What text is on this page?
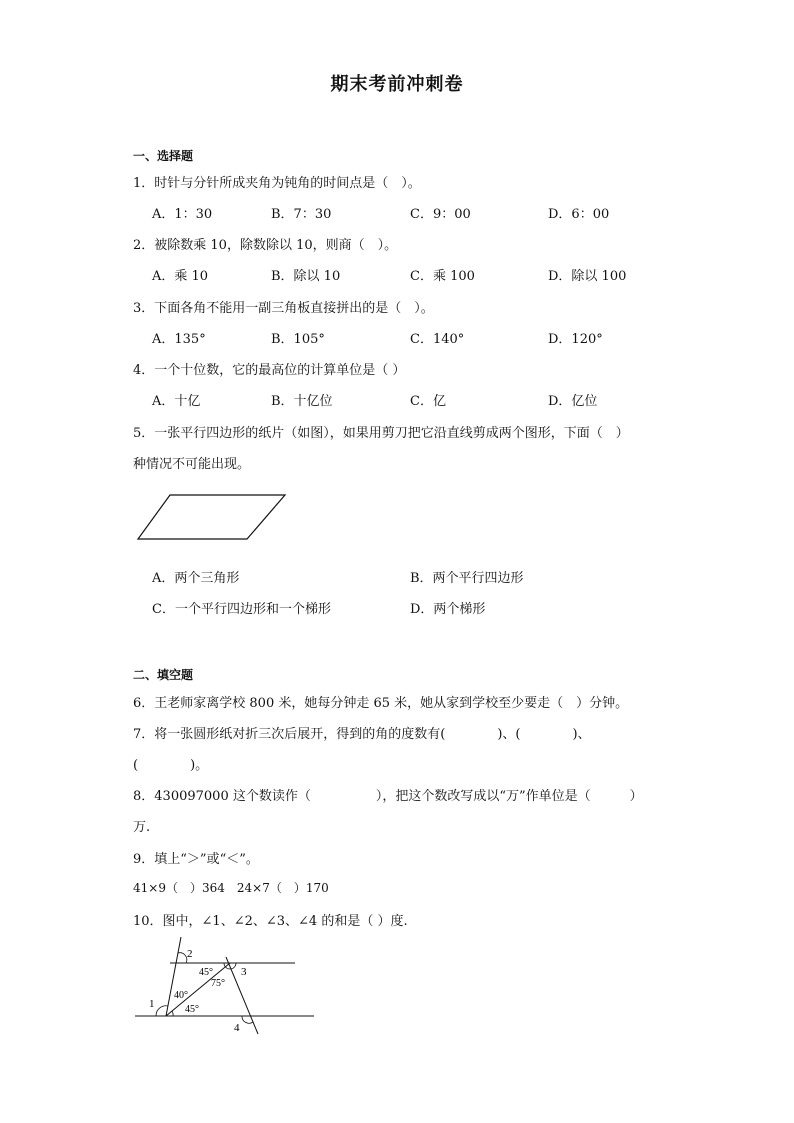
期末考前冲刺卷
一、选择题
1．时针与分针所成夹角为钝角的时间点是（　）。
A．1：30	B．7：30	C．9：00	D．6：00
2．被除数乘 10，除数除以 10，则商（　）。
A．乘 10	B．除以 10	C．乘 100	D．除以 100
3．下面各角不能用一副三角板直接拼出的是（　）。
A．135°	B．105°	C．140°	D．120°
4．一个十位数，它的最高位的计算单位是（ ）
A．十亿	B．十亿位	C．亿	D．亿位
5．一张平行四边形的纸片（如图），如果用剪刀把它沿直线剪成两个图形，下面（　）
种情况不可能出现。
A．两个三角形	B．两个平行四边形
C．一个平行四边形和一个梯形	D．两个梯形
二、填空题
6．王老师家离学校 800 米，她每分钟走 65 米，她从家到学校至少要走（　）分钟。
7．将一张圆形纸对折三次后展开，得到的角的度数有(　　　　)、(　　　　)、
(　　　　)。
8．430097000 这个数读作（　　　　　），把这个数改写成以“万”作单位是（　　　）
万.
9．填上“＞”或“＜”。
41×9（　）364　24×7（　）170
10．图中，∠1、∠2、∠3、∠4 的和是（ ）度.
2
3
1
4
45°
75°
40°
45°
